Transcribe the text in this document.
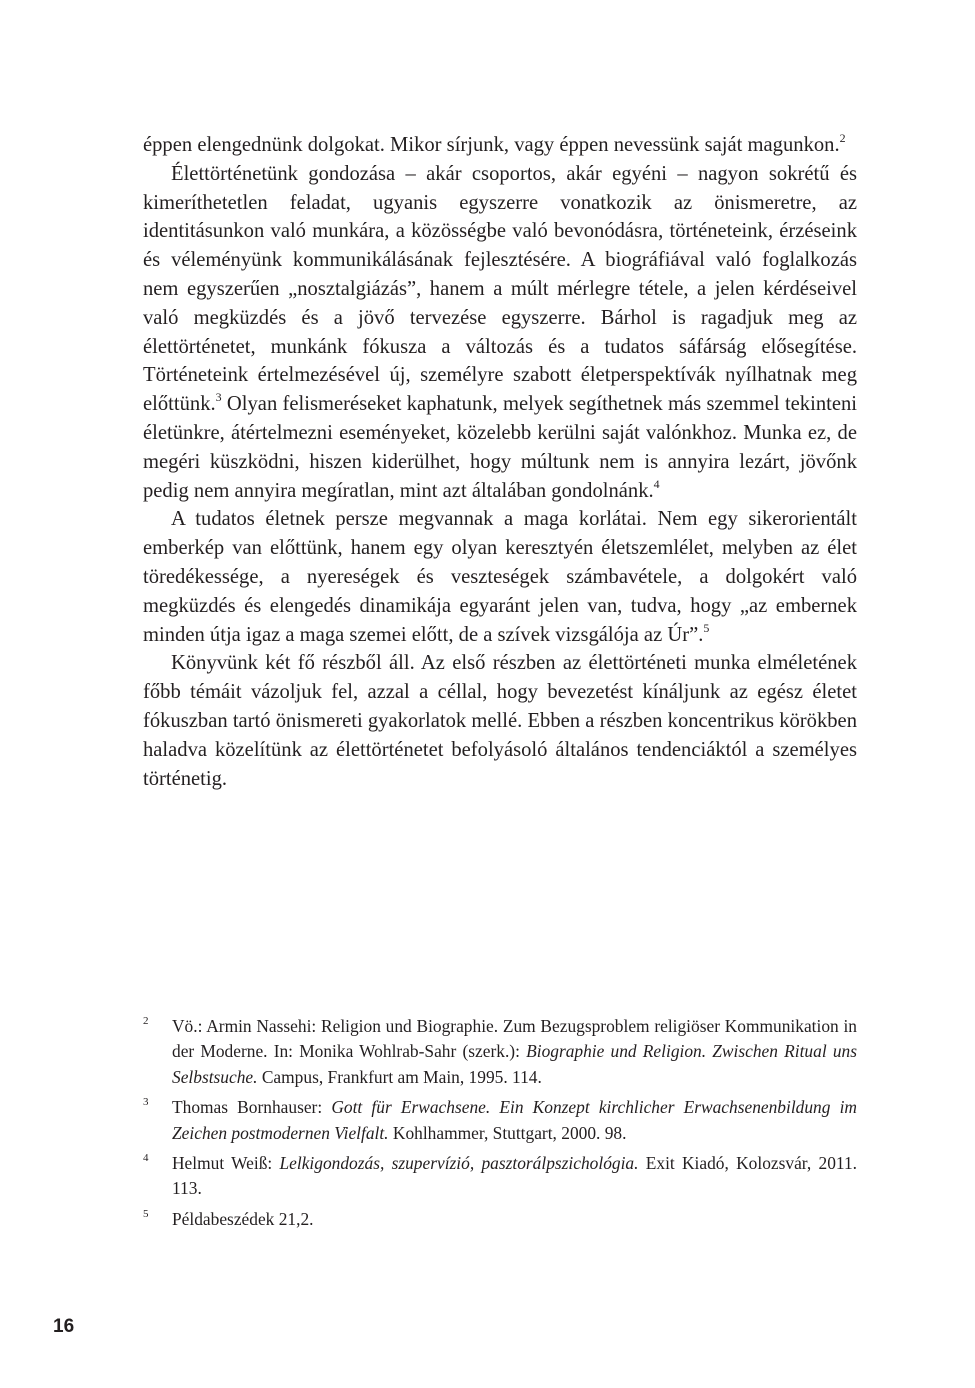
éppen elengednünk dolgokat. Mikor sírjunk, vagy éppen nevessünk saját magunkon.$^2$

Élettörténetünk gondozása – akár csoportos, akár egyéni – nagyon sokrétű és kimeríthetetlen feladat, ugyanis egyszerre vonatkozik az önismeretre, az identitásunkon való munkára, a közösségbe való bevonódásra, történeteink, érzéseink és véleményünk kommunikálásának fejlesztésére. A biográfiával való foglalkozás nem egyszerűen „nosztalgiázás”, hanem a múlt mérlegre tétele, a jelen kérdéseivel való megküzdés és a jövő tervezése egyszerre. Bárhol is ragadjuk meg az élettörténetet, munkánk fókusza a változás és a tudatos sáfárság elősegítése. Történeteink értelmezésével új, személyre szabott életperspektívák nyílhatnak meg előttünk.$^3$ Olyan felismeréseket kaphatunk, melyek segíthetnek más szemmel tekinteni életünkre, átértelmezni eseményeket, közelebb kerülni saját valónkhoz. Munka ez, de megéri küszködni, hiszen kiderülhet, hogy múltunk nem is annyira lezárt, jövőnk pedig nem annyira megíratlan, mint azt általában gondolnánk.$^4$

A tudatos életnek persze megvannak a maga korlátai. Nem egy sikerorientált emberkép van előttünk, hanem egy olyan keresztyén életszemlélet, melyben az élet töredékessége, a nyereségek és veszteségek számbavétele, a dolgokért való megküzdés és elengedés dinamikája egyaránt jelen van, tudva, hogy „az embernek minden útja igaz a maga szemei előtt, de a szívek vizsgálója az Úr”.$^5$

Könyvünk két fő részből áll. Az első részben az élettörténeti munka elméletének főbb témáit vázoljuk fel, azzal a céllal, hogy bevezetést kínáljunk az egész életet fókuszban tartó önismereti gyakorlatok mellé. Ebben a részben koncentrikus körökben haladva közelítünk az élettörténetet befolyásoló általános tendenciáktól a személyes történetig.

2 Vö.: Armin Nassehi: Religion und Biographie. Zum Bezugsproblem religiöser Kommunikation in der Moderne. In: Monika Wohlrab-Sahr (szerk.): Biographie und Religion. Zwischen Ritual uns Selbstsuche. Campus, Frankfurt am Main, 1995. 114.
3 Thomas Bornhauser: Gott für Erwachsene. Ein Konzept kirchlicher Erwachsenenbildung im Zeichen postmodernen Vielfalt. Kohlhammer, Stuttgart, 2000. 98.
4 Helmut Weiß: Lelkigondozás, szupervízió, pasztorálpszichológia. Exit Kiadó, Kolozsvár, 2011. 113.
5 Példabeszédek 21,2.
16
